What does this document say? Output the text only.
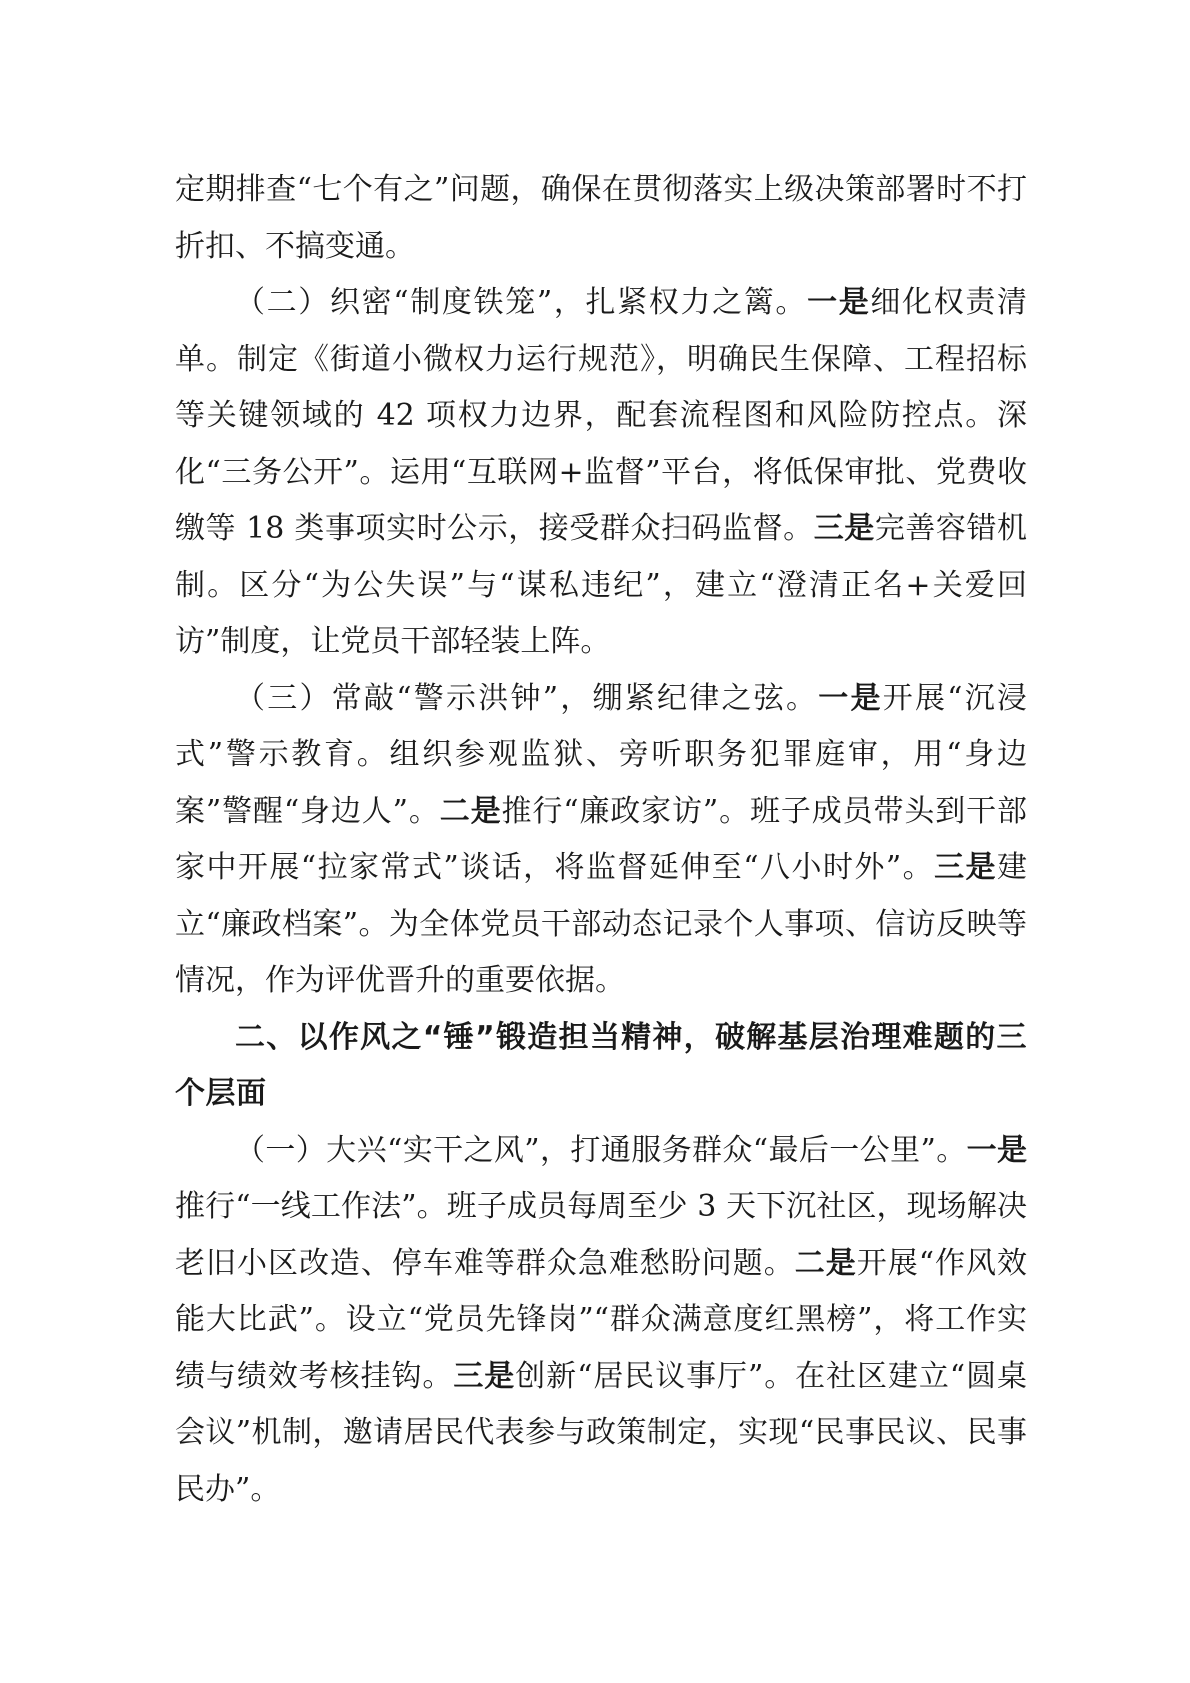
定期排查“七个有之”问题，确保在贯彻落实上级决策部署时不打折扣、不搞变通。

（二）织密“制度铁笼”，扎紧权力之篱。一是细化权责清单。制定《街道小微权力运行规范》，明确民生保障、工程招标等关键领域的 42 项权力边界，配套流程图和风险防控点。深化“三务公开”。运用“互联网+监督”平台，将低保审批、党费收缴等 18 类事项实时公示，接受群众扫码监督。三是完善容错机制。区分“为公失误”与“谋私违纪”，建立“澄清正名+关爱回访”制度，让党员干部轻装上阵。

（三）常敲“警示洪钟”，绷紧纪律之弦。一是开展“沉浸式”警示教育。组织参观监狱、旁听职务犯罪庭审，用“身边案”警醒“身边人”。二是推行“廉政家访”。班子成员带头到干部家中开展“拉家常式”谈话，将监督延伸至“八小时外”。三是建立“廉政档案”。为全体党员干部动态记录个人事项、信访反映等情况，作为评优晋升的重要依据。

二、以作风之“锤”锻造担当精神，破解基层治理难题的三个层面

（一）大兴“实干之风”，打通服务群众“最后一公里”。一是推行“一线工作法”。班子成员每周至少 3 天下沉社区，现场解决老旧小区改造、停车难等群众急难愁盼问题。二是开展“作风效能大比武”。设立“党员先锋岗”“群众满意度红黑榜”，将工作实绩与绩效考核挂钩。三是创新“居民议事厅”。在社区建立“圆桌会议”机制，邀请居民代表参与政策制定，实现“民事民议、民事民办”。
